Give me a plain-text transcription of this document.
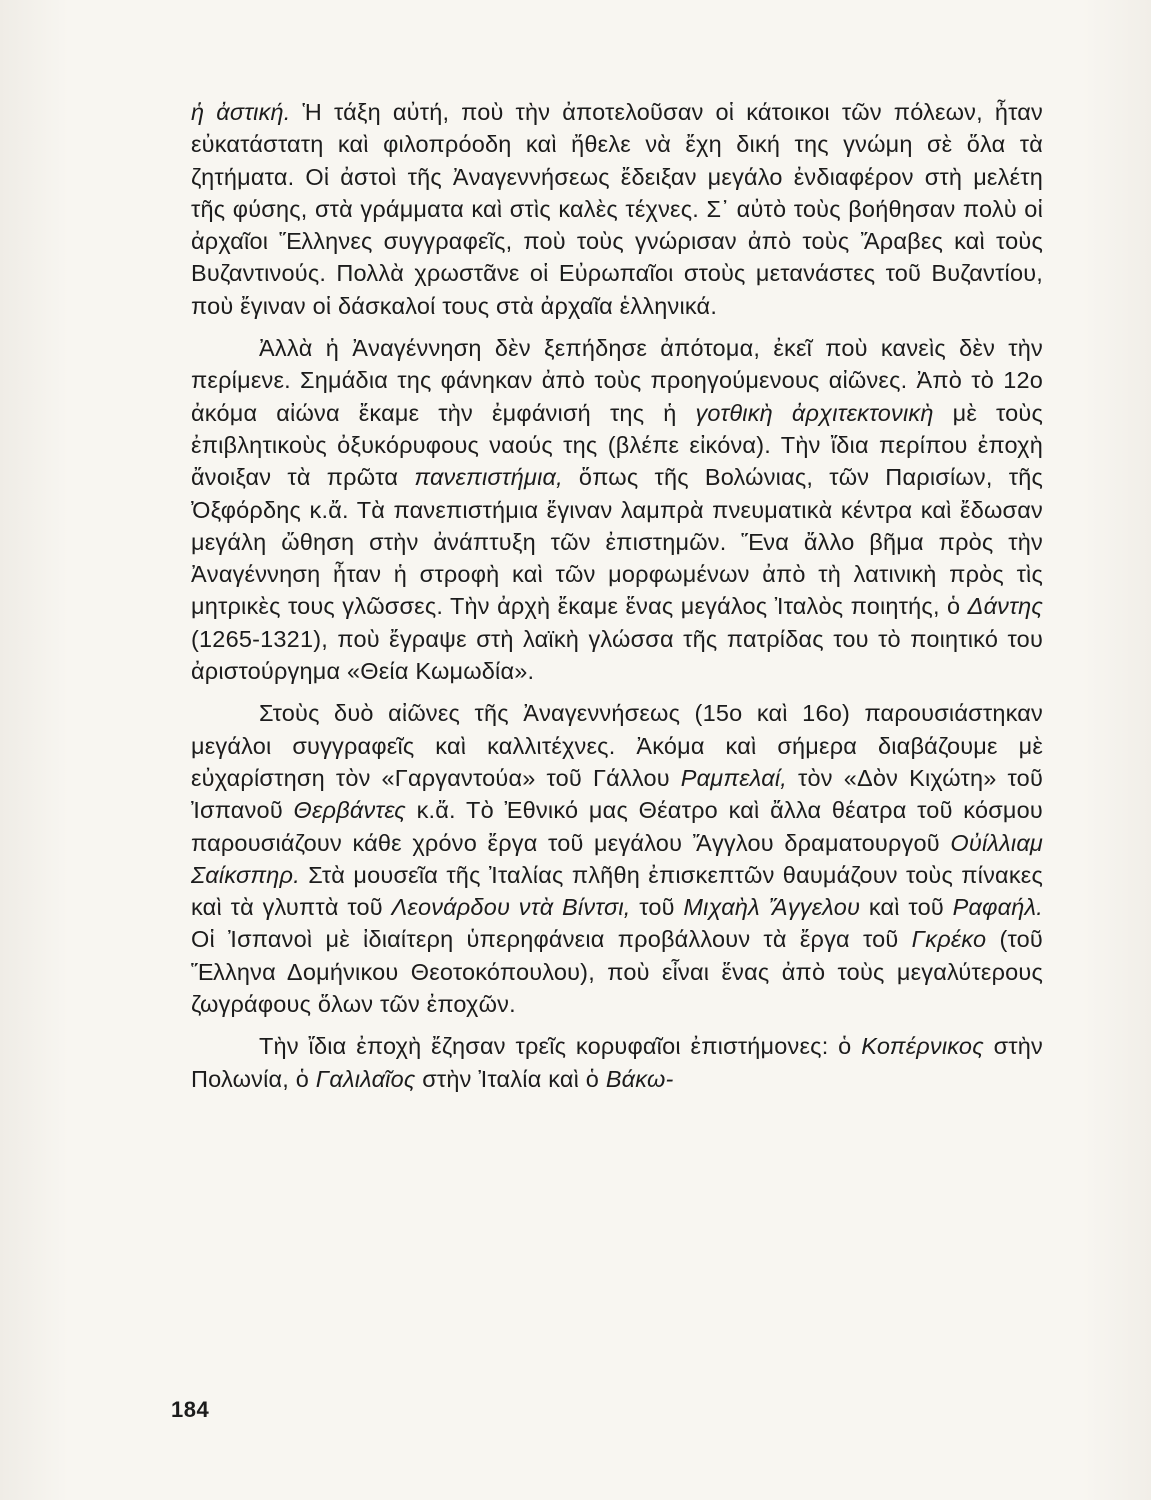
ἡ ἀστική. Ἡ τάξη αὐτή, ποὺ τὴν ἀποτελοῦσαν οἱ κάτοικοι τῶν πόλεων, ἦταν εὐκατάστατη καὶ φιλοπρόοδη καὶ ἤθελε νὰ ἔχη δική της γνώμη σὲ ὅλα τὰ ζητήματα. Οἱ ἀστοὶ τῆς Ἀναγεννήσεως ἔδειξαν μεγάλο ἐνδιαφέρον στὴ μελέτη τῆς φύσης, στὰ γράμματα καὶ στὶς καλὲς τέχνες. Σ᾽ αὐτὸ τοὺς βοήθησαν πολὺ οἱ ἀρχαῖοι Ἕλληνες συγγραφεῖς, ποὺ τοὺς γνώρισαν ἀπὸ τοὺς Ἄραβες καὶ τοὺς Βυζαντινούς. Πολλὰ χρωστᾶνε οἱ Εὐρωπαῖοι στοὺς μετανάστες τοῦ Βυζαντίου, ποὺ ἔγιναν οἱ δάσκαλοί τους στὰ ἀρχαῖα ἑλληνικά.

Ἀλλὰ ἡ Ἀναγέννηση δὲν ξεπήδησε ἀπότομα, ἐκεῖ ποὺ κανεὶς δὲν τὴν περίμενε. Σημάδια της φάνηκαν ἀπὸ τοὺς προηγούμενους αἰῶνες. Ἀπὸ τὸ 12ο ἀκόμα αἰώνα ἔκαμε τὴν ἐμφάνισή της ἡ γοτθικὴ ἀρχιτεκτονικὴ μὲ τοὺς ἐπιβλητικοὺς ὀξυκόρυφους ναούς της (βλέπε εἰκόνα). Τὴν ἴδια περίπου ἐποχὴ ἄνοιξαν τὰ πρῶτα πανεπιστήμια, ὅπως τῆς Βολώνιας, τῶν Παρισίων, τῆς Ὀξφόρδης κ.ἄ. Τὰ πανεπιστήμια ἔγιναν λαμπρὰ πνευματικὰ κέντρα καὶ ἔδωσαν μεγάλη ὤθηση στὴν ἀνάπτυξη τῶν ἐπιστημῶν. Ἕνα ἄλλο βῆμα πρὸς τὴν Ἀναγέννηση ἦταν ἡ στροφὴ καὶ τῶν μορφωμένων ἀπὸ τὴ λατινικὴ πρὸς τὶς μητρικὲς τους γλῶσσες. Τὴν ἀρχὴ ἔκαμε ἕνας μεγάλος Ἰταλὸς ποιητής, ὁ Δάντης (1265-1321), ποὺ ἔγραψε στὴ λαϊκὴ γλώσσα τῆς πατρίδας του τὸ ποιητικό του ἀριστούργημα «Θεία Κωμωδία».

Στοὺς δυὸ αἰῶνες τῆς Ἀναγεννήσεως (15ο καὶ 16ο) παρουσιάστηκαν μεγάλοι συγγραφεῖς καὶ καλλιτέχνες. Ἀκόμα καὶ σήμερα διαβάζουμε μὲ εὐχαρίστηση τὸν «Γαργαντούα» τοῦ Γάλλου Ραμπελαί, τὸν «Δὸν Κιχώτη» τοῦ Ἰσπανοῦ Θερβάντες κ.ἄ. Τὸ Ἐθνικό μας Θέατρο καὶ ἄλλα θέατρα τοῦ κόσμου παρουσιάζουν κάθε χρόνο ἔργα τοῦ μεγάλου Ἄγγλου δραματουργοῦ Οὐίλλιαμ Σαίκσπηρ. Στὰ μουσεῖα τῆς Ἰταλίας πλῆθη ἐπισκεπτῶν θαυμάζουν τοὺς πίνακες καὶ τὰ γλυπτὰ τοῦ Λεονάρδου ντὰ Βίντσι, τοῦ Μιχαὴλ Ἄγγελου καὶ τοῦ Ραφαήλ. Οἱ Ἰσπανοὶ μὲ ἰδιαίτερη ὑπερηφάνεια προβάλλουν τὰ ἔργα τοῦ Γκρέκο (τοῦ Ἕλληνα Δομήνικου Θεοτοκόπουλου), ποὺ εἶναι ἕνας ἀπὸ τοὺς μεγαλύτερους ζωγράφους ὅλων τῶν ἐποχῶν.

Τὴν ἴδια ἐποχὴ ἔζησαν τρεῖς κορυφαῖοι ἐπιστήμονες: ὁ Κοπέρνικος στὴν Πολωνία, ὁ Γαλιλαῖος στὴν Ἰταλία καὶ ὁ Βάκω-

184
